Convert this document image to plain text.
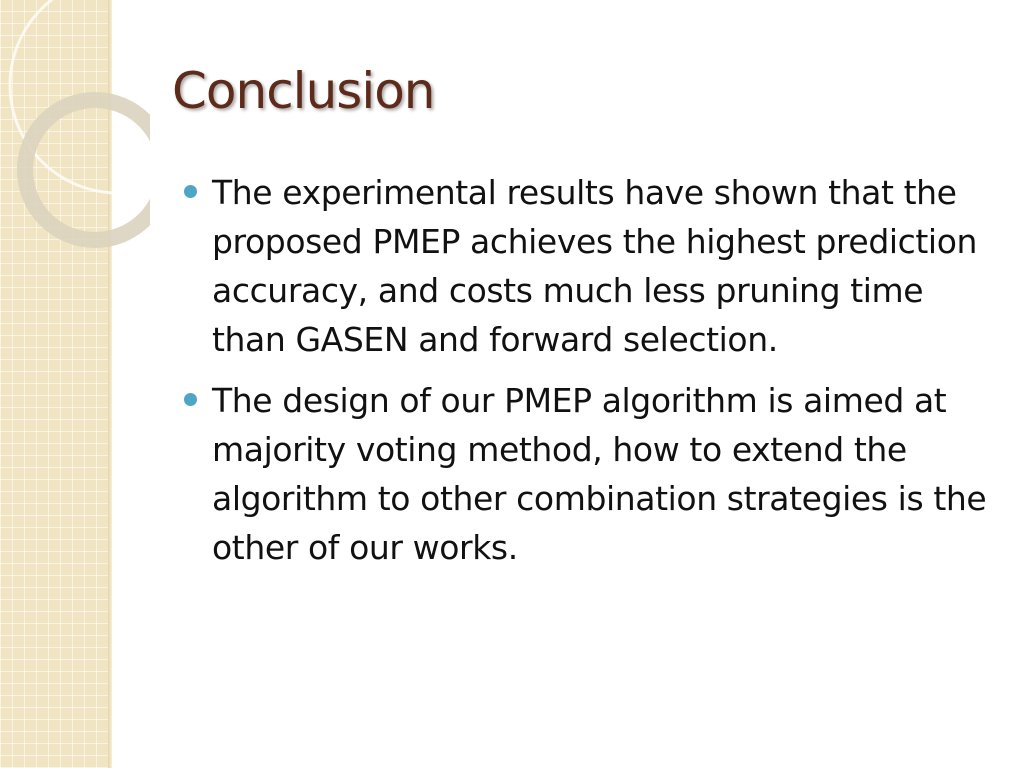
Conclusion
The experimental results have shown that the proposed PMEP achieves the highest prediction accuracy, and costs much less pruning time than GASEN and forward selection.
The design of our PMEP algorithm is aimed at majority voting method, how to extend the algorithm to other combination strategies is the other of our works.
